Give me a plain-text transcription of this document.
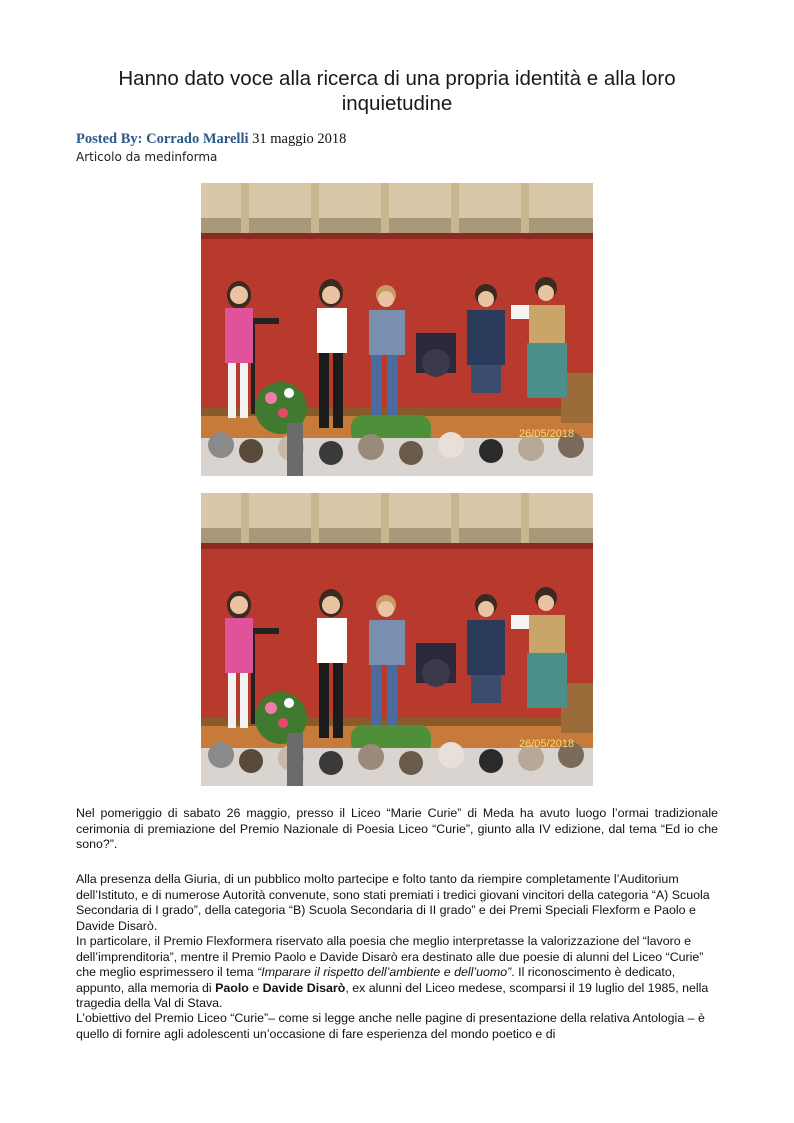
Hanno dato voce alla ricerca di una propria identità e alla loro inquietudine
Posted By: Corrado Marelli 31 maggio 2018
Articolo da medinforma
26/05/2018
26/05/2018
Nel pomeriggio di sabato 26 maggio, presso il Liceo “Marie Curie” di Meda ha avuto luogo l’ormai tradizionale cerimonia di premiazione del Premio Nazionale di Poesia Liceo “Curie”, giunto alla IV edizione, dal tema “Ed io che sono?”.
Alla presenza della Giuria, di un pubblico molto partecipe e folto tanto da riempire completamente l’Auditorium dell’Istituto, e di numerose Autorità convenute, sono stati premiati i tredici giovani vincitori della categoria “A) Scuola Secondaria di I grado”, della categoria “B) Scuola Secondaria di II grado” e dei Premi Speciali Flexform e Paolo e Davide Disarò.
In particolare, il Premio Flexformera riservato alla poesia che meglio interpretasse la valorizzazione del “lavoro e dell’imprenditoria”, mentre il Premio Paolo e Davide Disarò era destinato alle due poesie di alunni del Liceo “Curie” che meglio esprimessero il tema “Imparare il rispetto dell’ambiente e dell’uomo”. Il riconoscimento è dedicato, appunto, alla memoria di Paolo e Davide Disarò, ex alunni del Liceo medese, scomparsi il 19 luglio del 1985, nella tragedia della Val di Stava.
L’obiettivo del Premio Liceo “Curie”– come si legge anche nelle pagine di presentazione della relativa Antologia – è quello di fornire agli adolescenti un’occasione di fare esperienza del mondo poetico e di
